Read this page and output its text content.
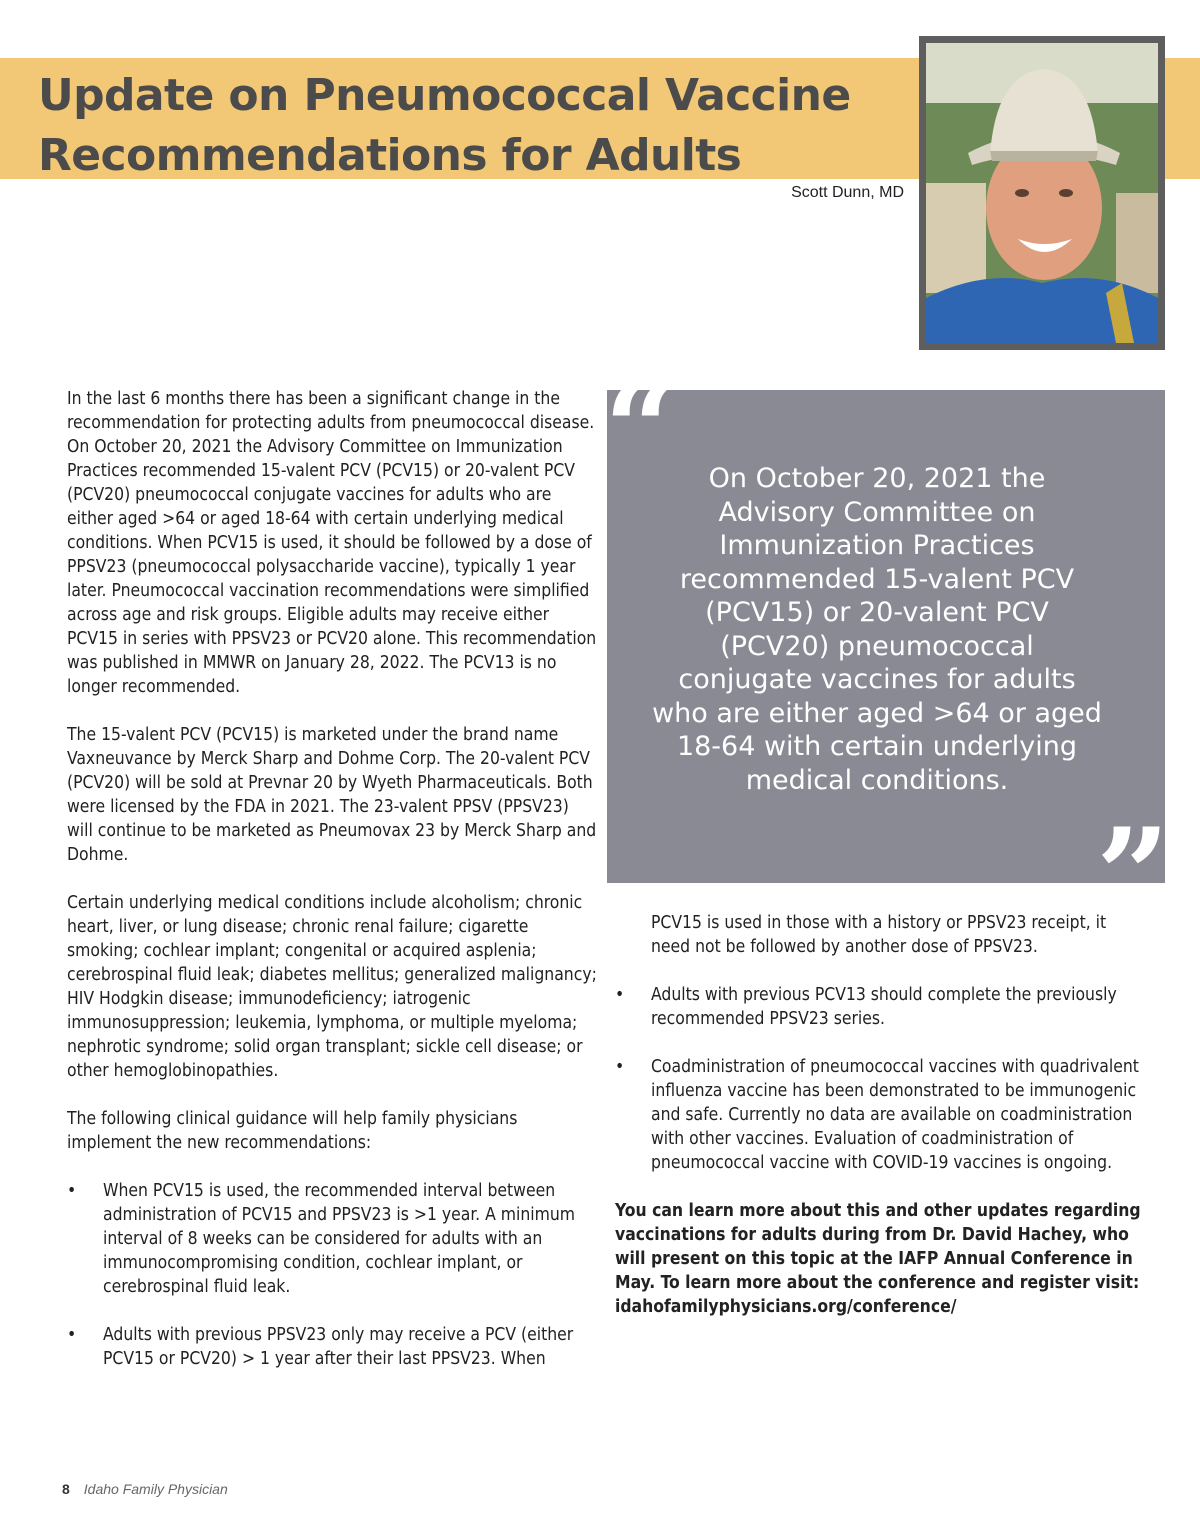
Update on Pneumococcal Vaccine Recommendations for Adults
Scott Dunn, MD

In the last 6 months there has been a significant change in the recommendation for protecting adults from pneumococcal disease. On October 20, 2021 the Advisory Committee on Immunization Practices recommended 15-valent PCV (PCV15) or 20-valent PCV (PCV20) pneumococcal conjugate vaccines for adults who are either aged >64 or aged 18-64 with certain underlying medical conditions. When PCV15 is used, it should be followed by a dose of PPSV23 (pneumococcal polysaccharide vaccine), typically 1 year later. Pneumococcal vaccination recommendations were simplified across age and risk groups. Eligible adults may receive either PCV15 in series with PPSV23 or PCV20 alone. This recommendation was published in MMWR on January 28, 2022. The PCV13 is no longer recommended.

The 15-valent PCV (PCV15) is marketed under the brand name Vaxneuvance by Merck Sharp and Dohme Corp. The 20-valent PCV (PCV20) will be sold at Prevnar 20 by Wyeth Pharmaceuticals. Both were licensed by the FDA in 2021. The 23-valent PPSV (PPSV23) will continue to be marketed as Pneumovax 23 by Merck Sharp and Dohme.

Certain underlying medical conditions include alcoholism; chronic heart, liver, or lung disease; chronic renal failure; cigarette smoking; cochlear implant; congenital or acquired asplenia; cerebrospinal fluid leak; diabetes mellitus; generalized malignancy; HIV Hodgkin disease; immunodeficiency; iatrogenic immunosuppression; leukemia, lymphoma, or multiple myeloma; nephrotic syndrome; solid organ transplant; sickle cell disease; or other hemoglobinopathies.

The following clinical guidance will help family physicians implement the new recommendations:

• When PCV15 is used, the recommended interval between administration of PCV15 and PPSV23 is >1 year. A minimum interval of 8 weeks can be considered for adults with an immunocompromising condition, cochlear implant, or cerebrospinal fluid leak.
• Adults with previous PPSV23 only may receive a PCV (either PCV15 or PCV20) > 1 year after their last PPSV23. When
On October 20, 2021 the Advisory Committee on Immunization Practices recommended 15-valent PCV (PCV15) or 20-valent PCV (PCV20) pneumococcal conjugate vaccines for adults who are either aged >64 or aged 18-64 with certain underlying medical conditions.
“
”
PCV15 is used in those with a history or PPSV23 receipt, it need not be followed by another dose of PPSV23.
• Adults with previous PCV13 should complete the previously recommended PPSV23 series.
• Coadministration of pneumococcal vaccines with quadrivalent influenza vaccine has been demonstrated to be immunogenic and safe. Currently no data are available on coadministration with other vaccines. Evaluation of coadministration of pneumococcal vaccine with COVID-19 vaccines is ongoing.

You can learn more about this and other updates regarding vaccinations for adults during from Dr. David Hachey, who will present on this topic at the IAFP Annual Conference in May. To learn more about the conference and register visit: idahofamilyphysicians.org/conference/

8 Idaho Family Physician
